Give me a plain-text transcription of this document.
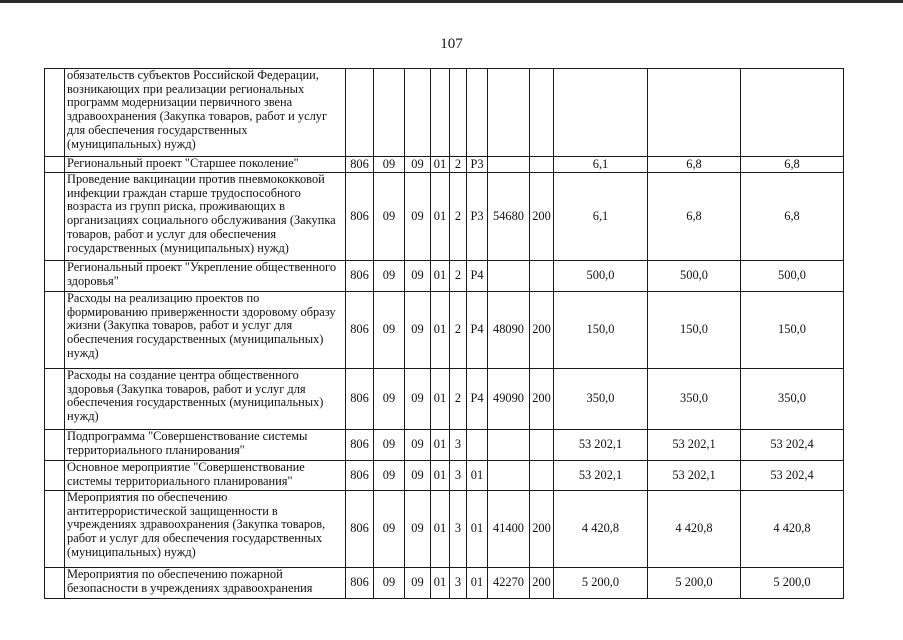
107
	обязательств субъектов Российской Федерации, возникающих при реализации региональных программ модернизации первичного звена здравоохранения (Закупка товаров, работ и услуг для обеспечения государственных (муниципальных) нужд)											
	Региональный проект "Старшее поколение"	806	09	09	01	2	P3			6,1	6,8	6,8
	Проведение вакцинации против пневмококковой инфекции граждан старше трудоспособного возраста из групп риска, проживающих в организациях социального обслуживания (Закупка товаров, работ и услуг для обеспечения государственных (муниципальных) нужд)	806	09	09	01	2	P3	54680	200	6,1	6,8	6,8
	Региональный проект "Укрепление общественного здоровья"	806	09	09	01	2	P4			500,0	500,0	500,0
	Расходы на реализацию проектов по формированию приверженности здоровому образу жизни (Закупка товаров, работ и услуг для обеспечения государственных (муниципальных) нужд)	806	09	09	01	2	P4	48090	200	150,0	150,0	150,0
	Расходы на создание центра общественного здоровья (Закупка товаров, работ и услуг для обеспечения государственных (муниципальных) нужд)	806	09	09	01	2	P4	49090	200	350,0	350,0	350,0
	Подпрограмма "Совершенствование системы территориального планирования"	806	09	09	01	3				53 202,1	53 202,1	53 202,4
	Основное мероприятие "Совершенствование системы территориального планирования"	806	09	09	01	3	01			53 202,1	53 202,1	53 202,4
	Мероприятия по обеспечению антитеррористической защищенности в учреждениях здравоохранения (Закупка товаров, работ и услуг для обеспечения государственных (муниципальных) нужд)	806	09	09	01	3	01	41400	200	4 420,8	4 420,8	4 420,8
	Мероприятия по обеспечению пожарной безопасности в учреждениях здравоохранения	806	09	09	01	3	01	42270	200	5 200,0	5 200,0	5 200,0
